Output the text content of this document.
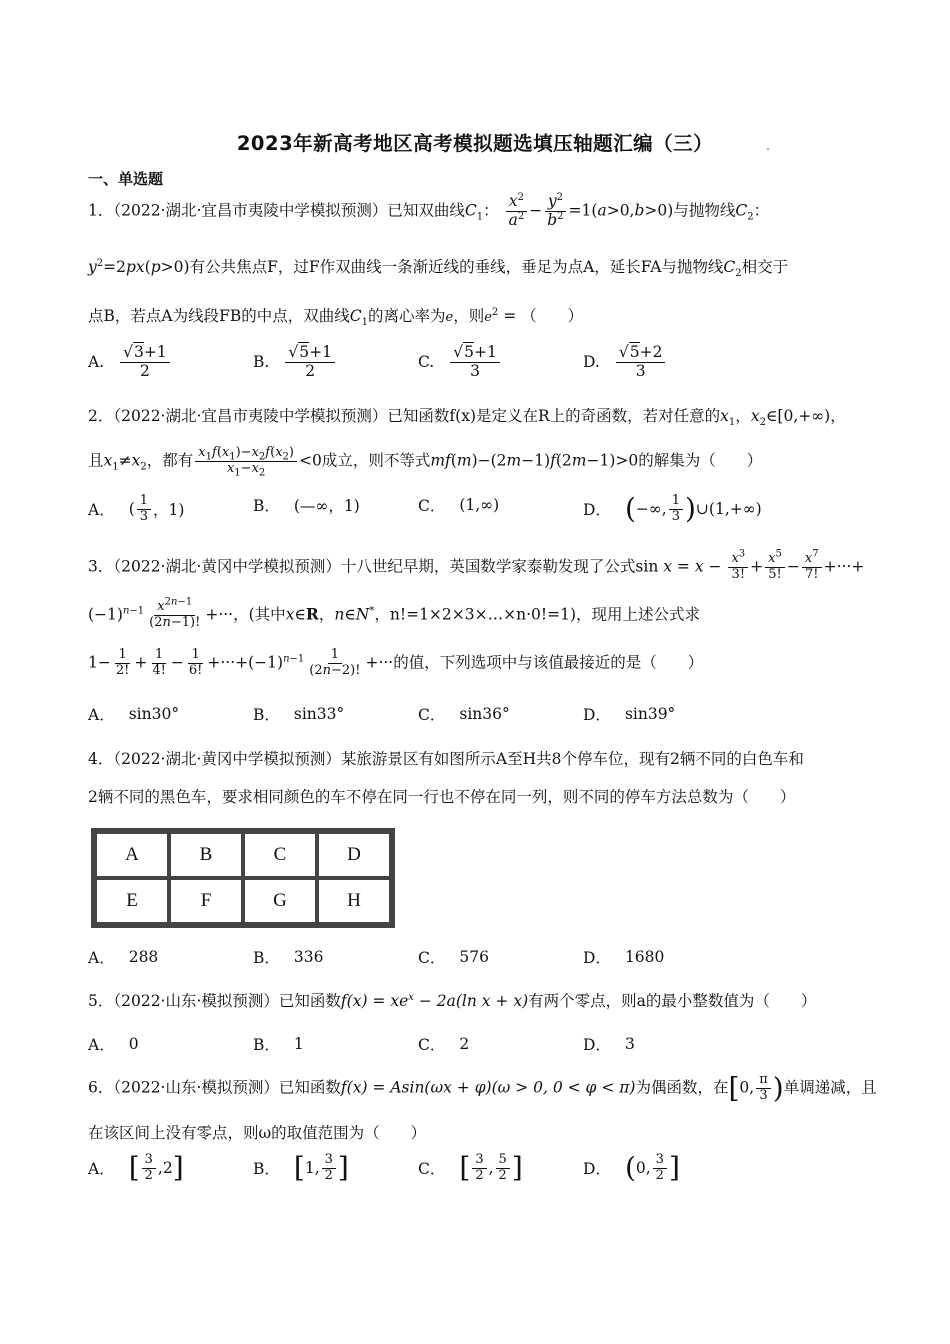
2023年新高考地区高考模拟题选填压轴题汇编（三）
一、单选题
1．（2022·湖北·宜昌市夷陵中学模拟预测）已知双曲线$C_1$： $\frac{x^2}{a^2} - \frac{y^2}{b^2} =1(a>0,b>0)$与抛物线$C_2$：
$y^2=2px(p>0)$有公共焦点F，过F作双曲线一条渐近线的垂线，垂足为点A，延长FA与抛物线$C_2$相交于
点B，若点A为线段FB的中点，双曲线$C_1$的离心率为e，则$e^2$ = （　　）
A. $\frac{√3+1}{2}$	B. $\frac{√5+1}{2}$	C. $\frac{√5+1}{3}$	D. $\frac{√5+2}{3}$
2．（2022·湖北·宜昌市夷陵中学模拟预测）已知函数f(x)是定义在R上的奇函数，若对任意的$x_1$，$x_2\in[0,+\infty)$，
且$x_1\ne x_2$，都有 $\frac{x_1f(x_1)-x_2f(x_2)}{x_1-x_2} <0$成立，则不等式mf(m)−(2m−1)f(2m−1)>0的解集为（　　）
A． ( $\frac{1}{3}$ ，1)	B． (—∞，1)	C． (1,∞)	D． ( −∞, $\frac{1}{3}$ ) ∪(1,+∞)
3．（2022·湖北·黄冈中学模拟预测）十八世纪早期，英国数学家泰勒发现了公式$\sin x = x - \frac{x^3}{3!} + \frac{x^5}{5!} - \frac{x^7}{7!}$ +···+
$(-1)^{n-1} \frac{x^{2n-1}}{(2n-1)!}$ +···，(其中x∈R，n∈N*，n!=1×2×3×…×n·0!=1)，现用上述公式求
$1- \frac{1}{2!} + \frac{1}{4!} - \frac{1}{6!} +\cdot\cdot\cdot+(-1)^{n-1} \frac{1}{(2n-2)!}$ +···的值，下列选项中与该值最接近的是（　　）
A． sin30°	B． sin33°	C． sin36°	D． sin39°
4．（2022·湖北·黄冈中学模拟预测）某旅游景区有如图所示A至H共8个停车位，现有2辆不同的白色车和
2辆不同的黑色车，要求相同颜色的车不停在同一行也不停在同一列，则不同的停车方法总数为（　　）
A	B	C	D
E	F	G	H
A． 288	B． 336	C． 576	D． 1680
5．（2022·山东·模拟预测）已知函数$f(x) = xe^x - 2a(\ln$ x + x)有两个零点，则a的最小整数值为（　　）
A． 0	B． 1	C． 2	D． 3
6．（2022·山东·模拟预测）已知函数f(x) = Asin(ωx + φ)(ω > 0, 0 < φ < π)为偶函数，在[0, $\frac{\pi}{3}$ )单调递减，且
在该区间上没有零点，则ω的取值范围为（　　）
A． [ $\frac{3}{2} ,2$ ]	B． [ 1, $\frac{3}{2}$ ]	C． [ $\frac{3}{2}$ , $\frac{5}{2}$ ]	D． ( 0, $\frac{3}{2}$ ]
